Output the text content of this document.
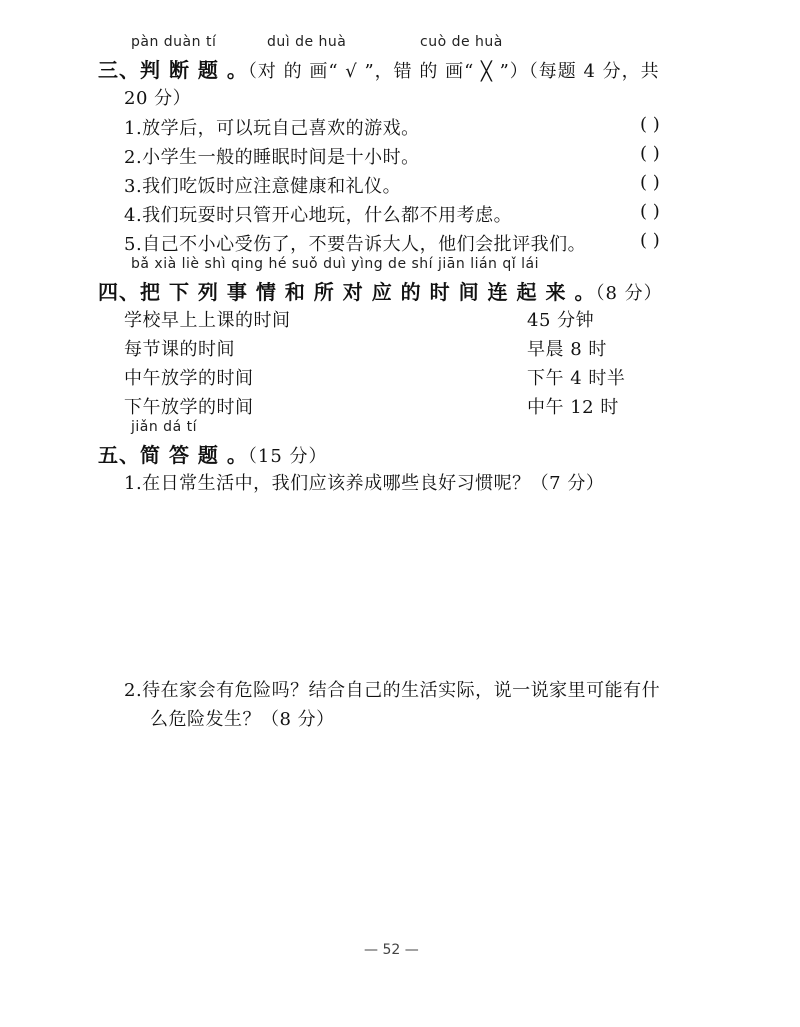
pàn duàn tí	duì de huà	cuò de huà
三、判 断 题 。（对 的 画“ √ ”，错 的 画“ ╳ ”）（每题 4 分，共
20 分）
1.放学后，可以玩自己喜欢的游戏。	( )
2.小学生一般的睡眠时间是十小时。	( )
3.我们吃饭时应注意健康和礼仪。	( )
4.我们玩耍时只管开心地玩，什么都不用考虑。	( )
5.自己不小心受伤了，不要告诉大人，他们会批评我们。	( )
bǎ xià liè shì qing hé suǒ duì yìng de shí jiān lián qǐ lái
四、把 下 列 事 情 和 所 对 应 的 时 间 连 起 来 。（8 分）
学校早上上课的时间	45 分钟
每节课的时间	早晨 8 时
中午放学的时间	下午 4 时半
下午放学的时间	中午 12 时
jiǎn dá tí
五、简 答 题 。（15 分）
1.在日常生活中，我们应该养成哪些良好习惯呢？（7 分）
2.待在家会有危险吗？结合自己的生活实际，说一说家里可能有什
么危险发生？（8 分）
— 52 —
